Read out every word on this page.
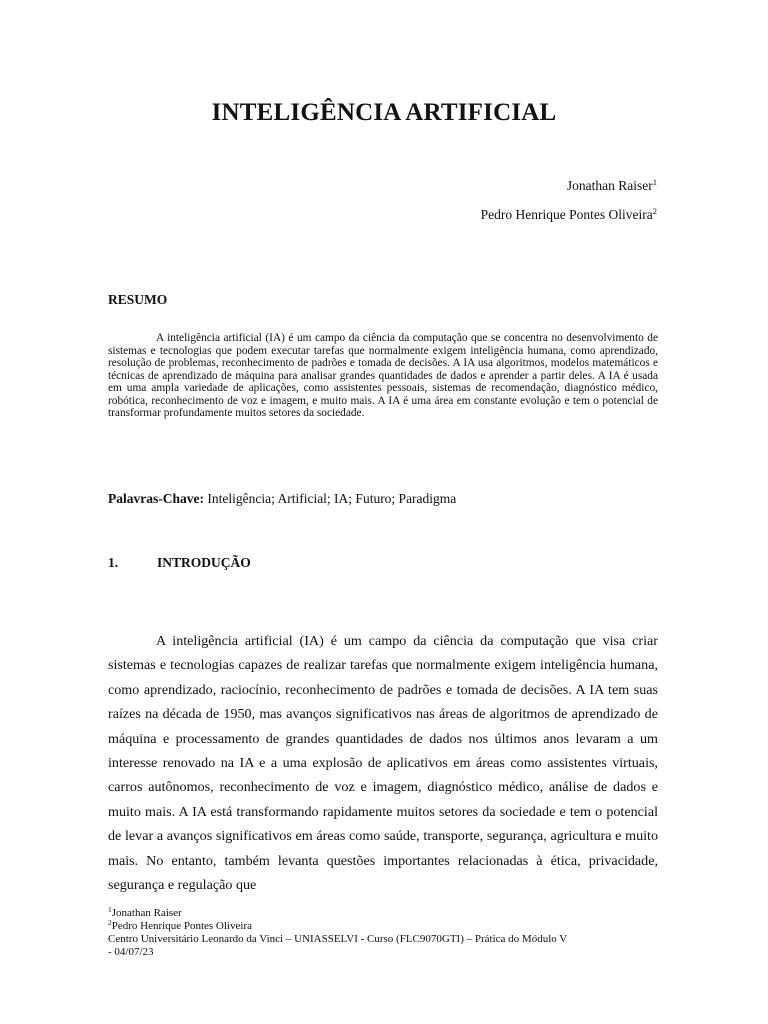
INTELIGÊNCIA ARTIFICIAL
Jonathan Raiser$^1$
Pedro Henrique Pontes Oliveira$^2$
RESUMO

A inteligência artificial (IA) é um campo da ciência da computação que se concentra no desenvolvimento de sistemas e tecnologias que podem executar tarefas que normalmente exigem inteligência humana, como aprendizado, resolução de problemas, reconhecimento de padrões e tomada de decisões. A IA usa algoritmos, modelos matemáticos e técnicas de aprendizado de máquina para analisar grandes quantidades de dados e aprender a partir deles. A IA é usada em uma ampla variedade de aplicações, como assistentes pessoais, sistemas de recomendação, diagnóstico médico, robótica, reconhecimento de voz e imagem, e muito mais. A IA é uma área em constante evolução e tem o potencial de transformar profundamente muitos setores da sociedade.

Palavras-Chave: Inteligência; Artificial; IA; Futuro; Paradigma
1.	INTRODUÇÃO

A inteligência artificial (IA) é um campo da ciência da computação que visa criar sistemas e tecnologias capazes de realizar tarefas que normalmente exigem inteligência humana, como aprendizado, raciocínio, reconhecimento de padrões e tomada de decisões. A IA tem suas raízes na década de 1950, mas avanços significativos nas áreas de algoritmos de aprendizado de máquina e processamento de grandes quantidades de dados nos últimos anos levaram a um interesse renovado na IA e a uma explosão de aplicativos em áreas como assistentes virtuais, carros autônomos, reconhecimento de voz e imagem, diagnóstico médico, análise de dados e muito mais. A IA está transformando rapidamente muitos setores da sociedade e tem o potencial de levar a avanços significativos em áreas como saúde, transporte, segurança, agricultura e muito mais. No entanto, também levanta questões importantes relacionadas à ética, privacidade, segurança e regulação que

$^1$Jonathan Raiser
$^2$Pedro Henrique Pontes Oliveira
Centro Universitário Leonardo da Vinci – UNIASSELVI - Curso (FLC9070GTI) – Prática do Módulo V
- 04/07/23
